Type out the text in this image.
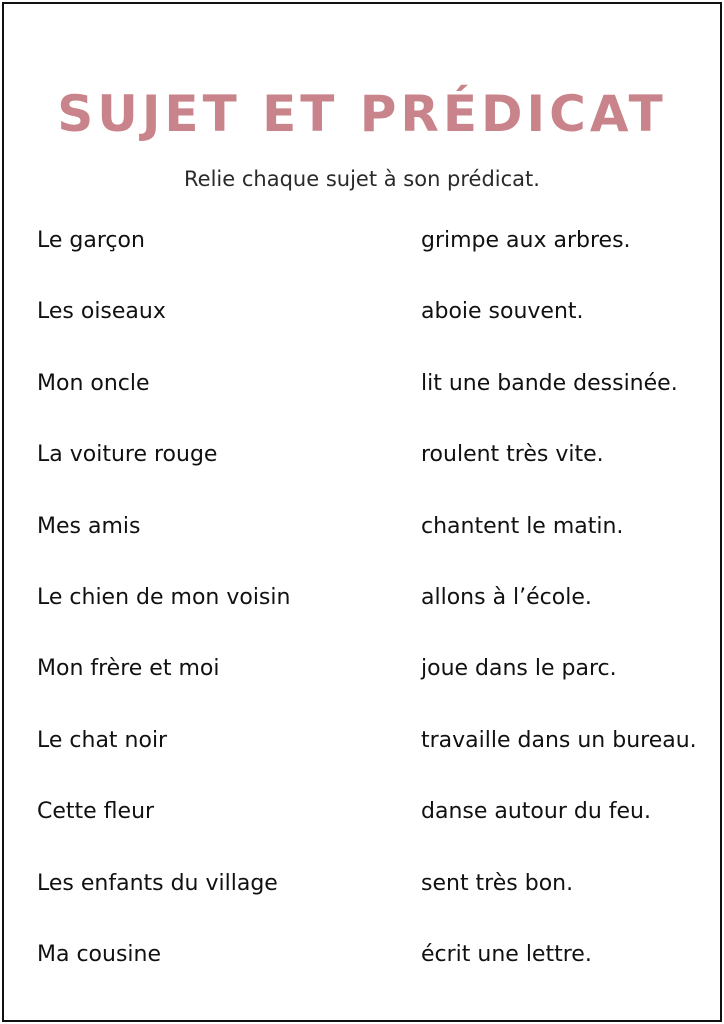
SUJET ET PRÉDICAT

Relie chaque sujet à son prédicat.

Le garçon
Les oiseaux
Mon oncle
La voiture rouge
Mes amis
Le chien de mon voisin
Mon frère et moi
Le chat noir
Cette fleur
Les enfants du village
Ma cousine
grimpe aux arbres.
aboie souvent.
lit une bande dessinée.
roulent très vite.
chantent le matin.
allons à l’école.
joue dans le parc.
travaille dans un bureau.
danse autour du feu.
sent très bon.
écrit une lettre.
